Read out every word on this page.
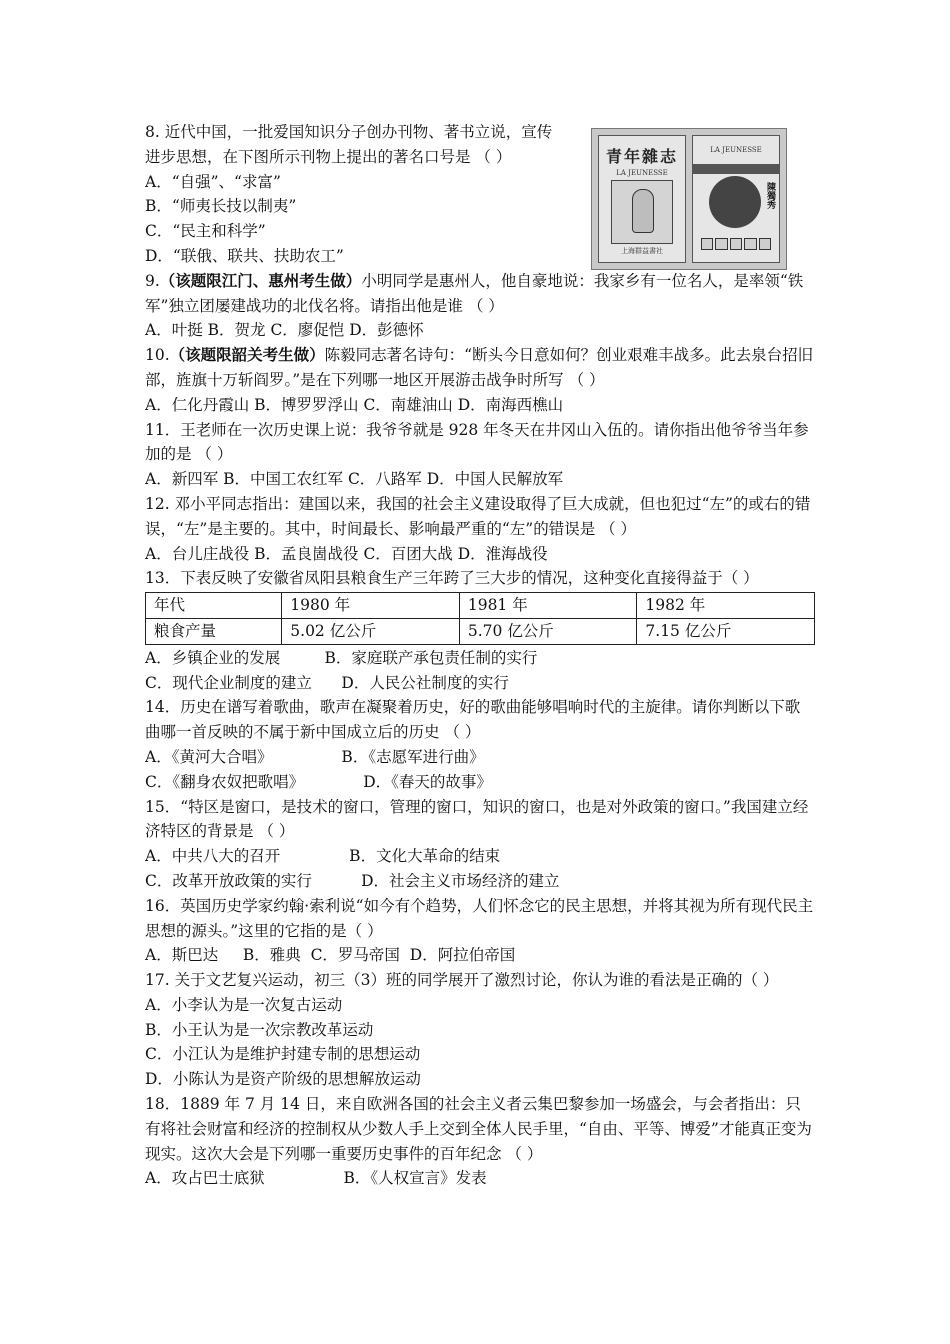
8. 近代中国，一批爱国知识分子创办刊物、著书立说，宣传
进步思想，在下图所示刊物上提出的著名口号是 （ ）
A．“自强”、“求富”
B．“师夷长技以制夷”
C．“民主和科学”
D．“联俄、联共、扶助农工”
9.（该题限江门、惠州考生做）小明同学是惠州人，他自豪地说：我家乡有一位名人，是率领“铁军”独立团屡建战功的北伐名将。请指出他是谁 （ ）
A．叶挺 B．贺龙 C．廖促恺 D．彭德怀
10.（该题限韶关考生做）陈毅同志著名诗句：“断头今日意如何？创业艰难丰战多。此去泉台招旧部，旌旗十万斩阎罗。”是在下列哪一地区开展游击战争时所写 （ ）
A．仁化丹霞山 B．博罗罗浮山 C．南雄油山 D．南海西樵山
11．王老师在一次历史课上说：我爷爷就是 928 年冬天在井冈山入伍的。请你指出他爷爷当年参加的是 （ ）
A．新四军 B．中国工农红军 C．八路军 D．中国人民解放军
12. 邓小平同志指出：建国以来，我国的社会主义建设取得了巨大成就，但也犯过“左”的或右的错误，“左”是主要的。其中，时间最长、影响最严重的“左”的错误是 （ ）
A．台儿庄战役 B．孟良崮战役 C．百团大战 D．淮海战役
13．下表反映了安徽省凤阳县粮食生产三年跨了三大步的情况，这种变化直接得益于（ ）
年代	1980 年	1981 年	1982 年
粮食产量	5.02 亿公斤	5.70 亿公斤	7.15 亿公斤
A．乡镇企业的发展         B．家庭联产承包责任制的实行
C．现代企业制度的建立      D．人民公社制度的实行
14．历史在谱写着歌曲，歌声在凝聚着历史，好的歌曲能够唱响时代的主旋律。请你判断以下歌曲哪一首反映的不属于新中国成立后的历史 （ ）
A．《黄河大合唱》              B．《志愿军进行曲》
C．《翻身农奴把歌唱》            D．《春天的故事》
15．“特区是窗口，是技术的窗口，管理的窗口，知识的窗口，也是对外政策的窗口。”我国建立经济特区的背景是 （ ）
A．中共八大的召开              B．文化大革命的结束
C．改革开放政策的实行          D．社会主义市场经济的建立
16．英国历史学家约翰·索利说“如今有个趋势，人们怀念它的民主思想，并将其视为所有现代民主思想的源头。”这里的它指的是（ ）
A．斯巴达     B．雅典  C．罗马帝国  D．阿拉伯帝国
17. 关于文艺复兴运动，初三（3）班的同学展开了激烈讨论，你认为谁的看法是正确的（ ）
A．小李认为是一次复古运动
B．小王认为是一次宗教改革运动
C．小江认为是维护封建专制的思想运动
D．小陈认为是资产阶级的思想解放运动
18．1889 年 7 月 14 日，来自欧洲各国的社会主义者云集巴黎参加一场盛会，与会者指出：只有将社会财富和经济的控制权从少数人手上交到全体人民手里，“自由、平等、博爱”才能真正变为现实。这次大会是下列哪一重要历史事件的百年纪念 （ ）
A．攻占巴士底狱                B．《人权宣言》发表
青年雜志
LA JEUNESSE
上海群益書社
LA JEUNESSE
陳獨秀
